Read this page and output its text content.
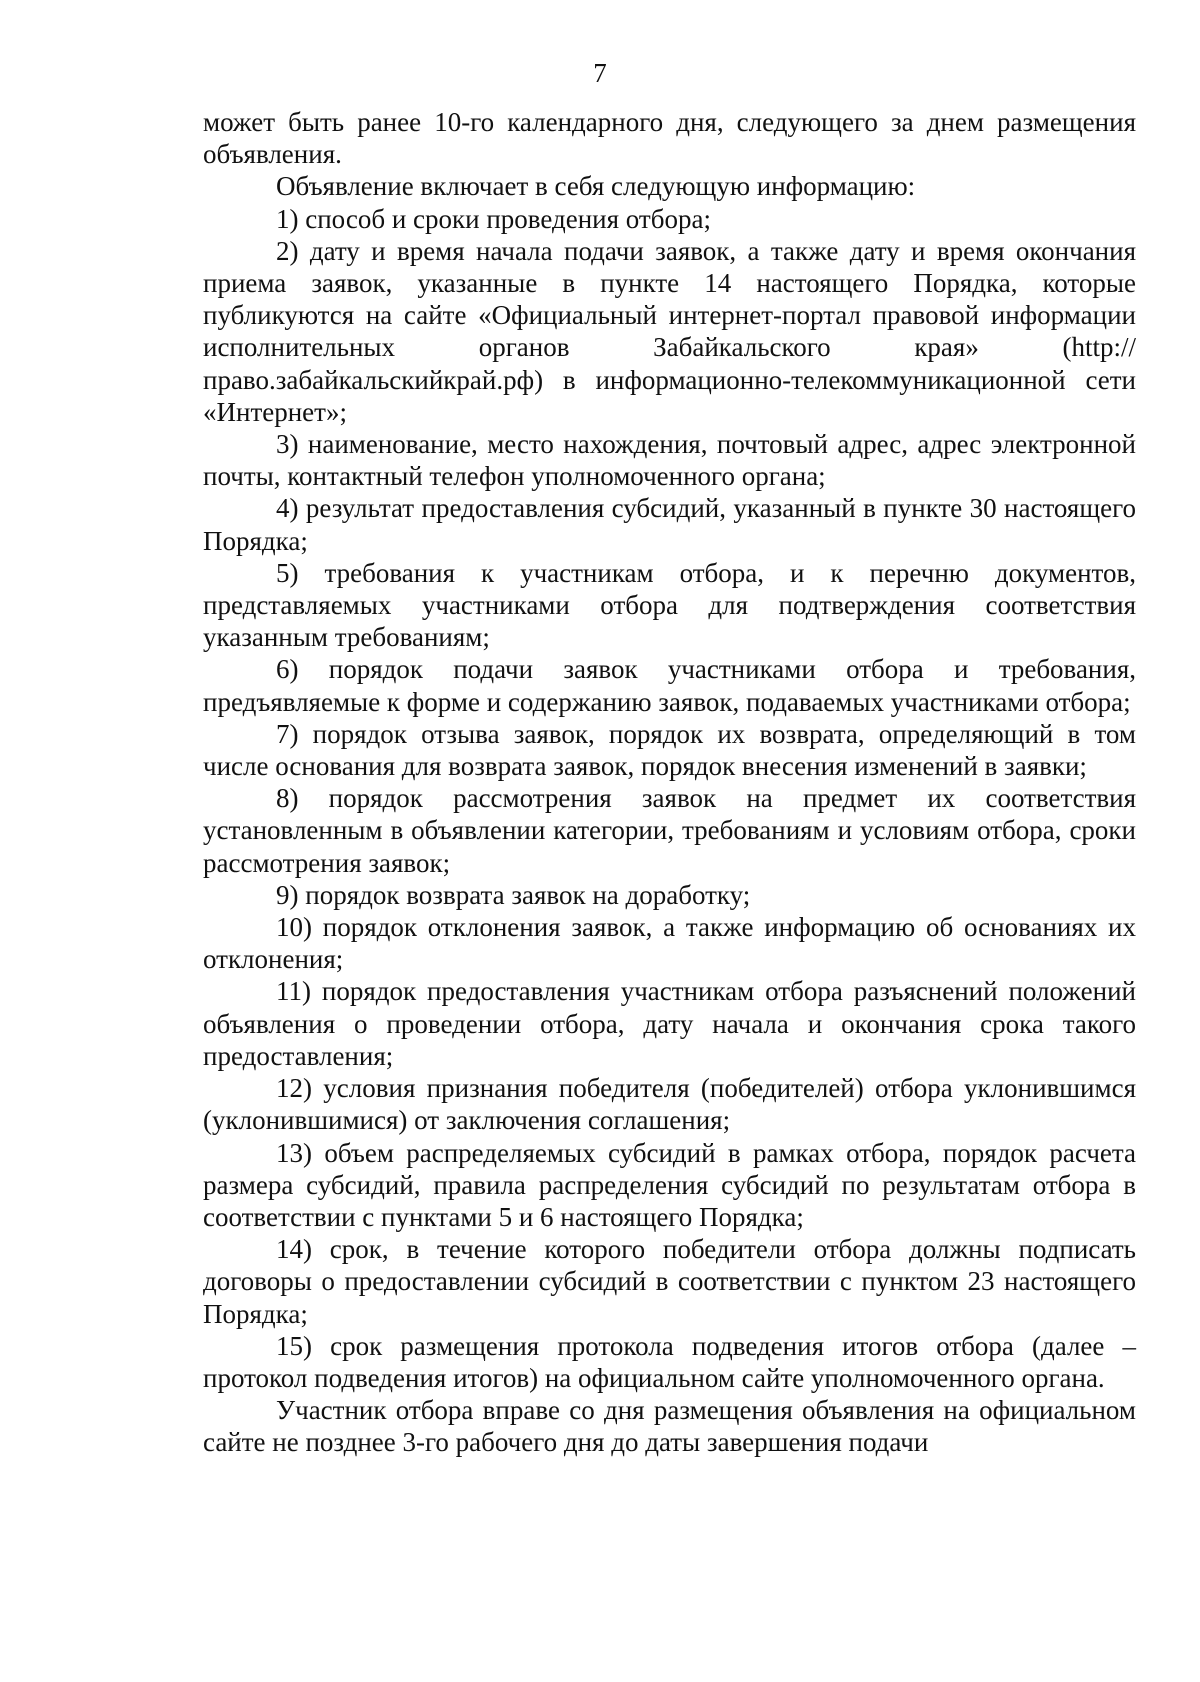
7

может быть ранее 10-го календарного дня, следующего за днем размещения объявления.

Объявление включает в себя следующую информацию:

1) способ и сроки проведения отбора;

2) дату и время начала подачи заявок, а также дату и время окончания приема заявок, указанные в пункте 14 настоящего Порядка, которые публикуются на сайте «Официальный интернет-портал правовой информации исполнительных органов Забайкальского края» (http://право.забайкальскийкрай.рф) в информационно-телекоммуникационной сети «Интернет»;

3) наименование, место нахождения, почтовый адрес, адрес электронной почты, контактный телефон уполномоченного органа;

4) результат предоставления субсидий, указанный в пункте 30 настоящего Порядка;

5) требования к участникам отбора, и к перечню документов, представляемых участниками отбора для подтверждения соответствия указанным требованиям;

6) порядок подачи заявок участниками отбора и требования, предъявляемые к форме и содержанию заявок, подаваемых участниками отбора;

7) порядок отзыва заявок, порядок их возврата, определяющий в том числе основания для возврата заявок, порядок внесения изменений в заявки;

8) порядок рассмотрения заявок на предмет их соответствия установленным в объявлении категории, требованиям и условиям отбора, сроки рассмотрения заявок;

9) порядок возврата заявок на доработку;

10) порядок отклонения заявок, а также информацию об основаниях их отклонения;

11) порядок предоставления участникам отбора разъяснений положений объявления о проведении отбора, дату начала и окончания срока такого предоставления;

12) условия признания победителя (победителей) отбора уклонившимся (уклонившимися) от заключения соглашения;

13) объем распределяемых субсидий в рамках отбора, порядок расчета размера субсидий, правила распределения субсидий по результатам отбора в соответствии с пунктами 5 и 6 настоящего Порядка;

14) срок, в течение которого победители отбора должны подписать договоры о предоставлении субсидий в соответствии с пунктом 23 настоящего Порядка;

15) срок размещения протокола подведения итогов отбора (далее – протокол подведения итогов) на официальном сайте уполномоченного органа.

Участник отбора вправе со дня размещения объявления на официальном сайте не позднее 3-го рабочего дня до даты завершения подачи
